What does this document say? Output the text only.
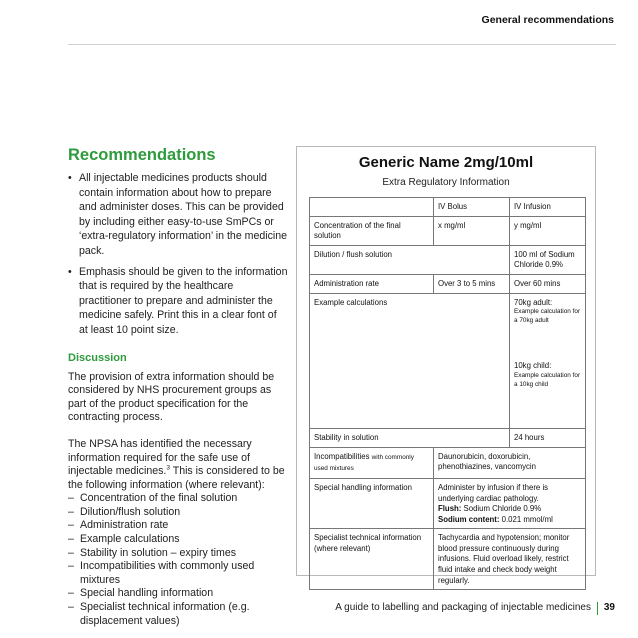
General recommendations
Recommendations
• All injectable medicines products should contain information about how to prepare and administer doses. This can be provided by including either easy-to-use SmPCs or ‘extra-regulatory information’ in the medicine pack.
• Emphasis should be given to the information that is required by the healthcare practitioner to prepare and administer the medicine safely. Print this in a clear font of at least 10 point size.
Discussion

The provision of extra information should be considered by NHS procurement groups as part of the product specification for the contracting process.

The NPSA has identified the necessary information required for the safe use of injectable medicines.$^3$ This is considered to be the following information (where relevant):

– Concentration of the final solution
– Dilution/flush solution
– Administration rate
– Example calculations
– Stability in solution – expiry times
– Incompatibilities with commonly used mixtures
– Special handling information
– Specialist technical information (e.g. displacement values)
Generic Name 2mg/10ml
Extra Regulatory Information
	IV Bolus	IV Infusion
Concentration of the final solution	x mg/ml	y mg/ml
Dilution / flush solution		100 ml of Sodium Chloride 0.9%
Administration rate	Over 3 to 5 mins	Over 60 mins
Example calculations		70kg adult:
Example calculation for a 70kg adult
10kg child:
Example calculation for a 10kg child

Stability in solution		24 hours
Incompatibilities with commonly used mixtures	Daunorubicin, doxorubicin, phenothiazines, vancomycin	
Special handling information	Administer by infusion if there is underlying cardiac pathology.
Flush: Sodium Chloride 0.9%
Sodium content: 0.021 mmol/ml	
Specialist technical information (where relevant)	Tachycardia and hypotension; monitor blood pressure continuously during infusions. Fluid overload likely, restrict fluid intake and check body weight regularly.	
A guide to labelling and packaging of injectable medicines 39
